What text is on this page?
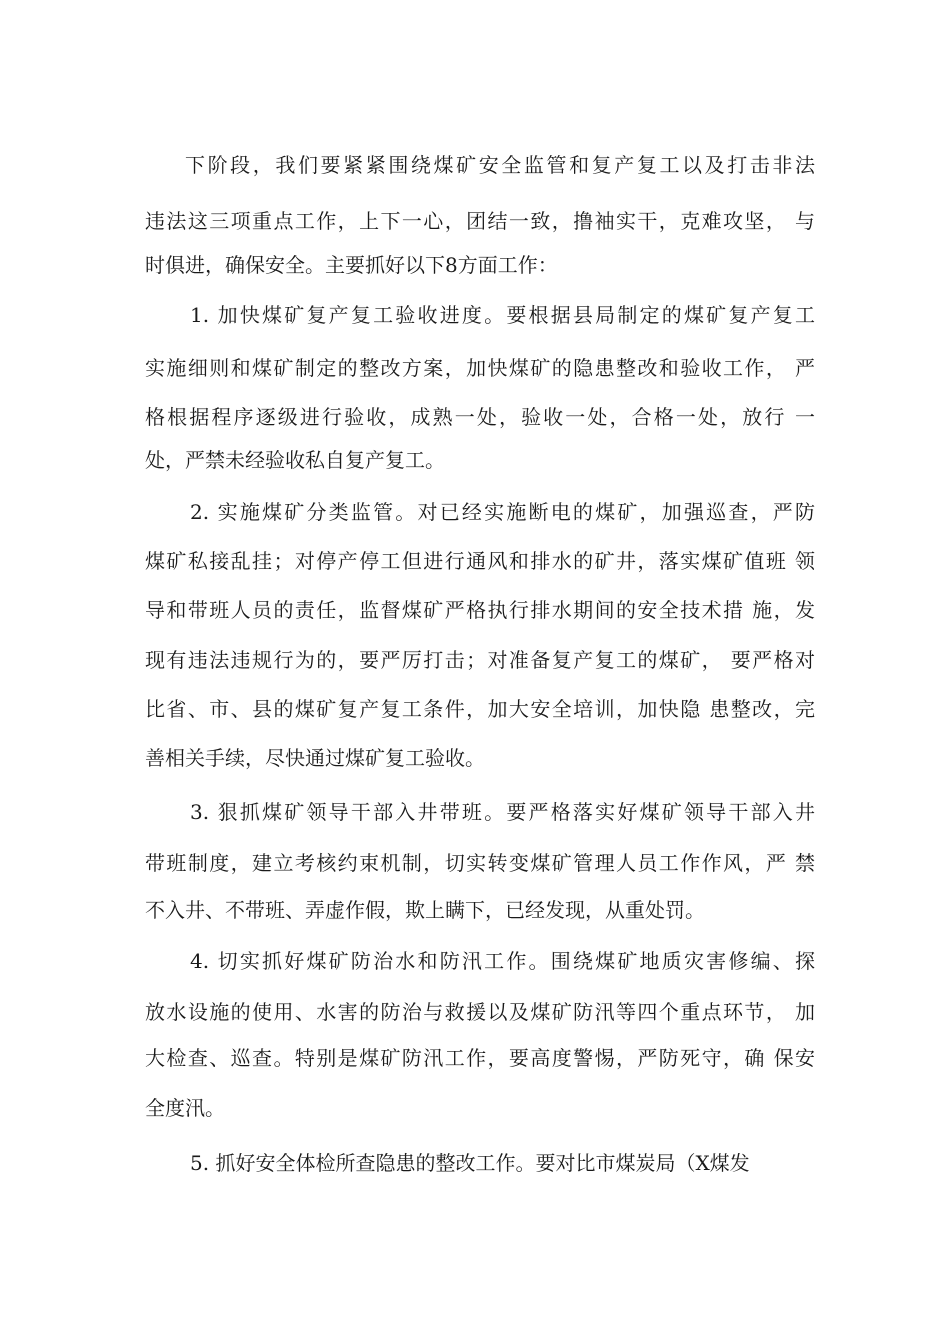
下阶段，我们要紧紧围绕煤矿安全监管和复产复工以及打击非法
违法这三项重点工作，上下一心，团结一致，撸袖实干，克难攻坚， 与
时俱进，确保安全。主要抓好以下8方面工作：
1. 加快煤矿复产复工验收进度。要根据县局制定的煤矿复产复工
实施细则和煤矿制定的整改方案，加快煤矿的隐患整改和验收工作， 严
格根据程序逐级进行验收，成熟一处，验收一处，合格一处，放行 一
处，严禁未经验收私自复产复工。
2. 实施煤矿分类监管。对已经实施断电的煤矿，加强巡查，严防
煤矿私接乱挂；对停产停工但进行通风和排水的矿井，落实煤矿值班 领
导和带班人员的责任，监督煤矿严格执行排水期间的安全技术措 施，发
现有违法违规行为的，要严厉打击；对准备复产复工的煤矿， 要严格对
比省、市、县的煤矿复产复工条件，加大安全培训，加快隐 患整改，完
善相关手续，尽快通过煤矿复工验收。
3. 狠抓煤矿领导干部入井带班。要严格落实好煤矿领导干部入井
带班制度，建立考核约束机制，切实转变煤矿管理人员工作作风，严 禁
不入井、不带班、弄虚作假，欺上瞒下，已经发现，从重处罚。
4. 切实抓好煤矿防治水和防汛工作。围绕煤矿地质灾害修编、探
放水设施的使用、水害的防治与救援以及煤矿防汛等四个重点环节， 加
大检查、巡查。特别是煤矿防汛工作，要高度警惕，严防死守，确 保安
全度汛。
5. 抓好安全体检所查隐患的整改工作。要对比市煤炭局（X煤发
